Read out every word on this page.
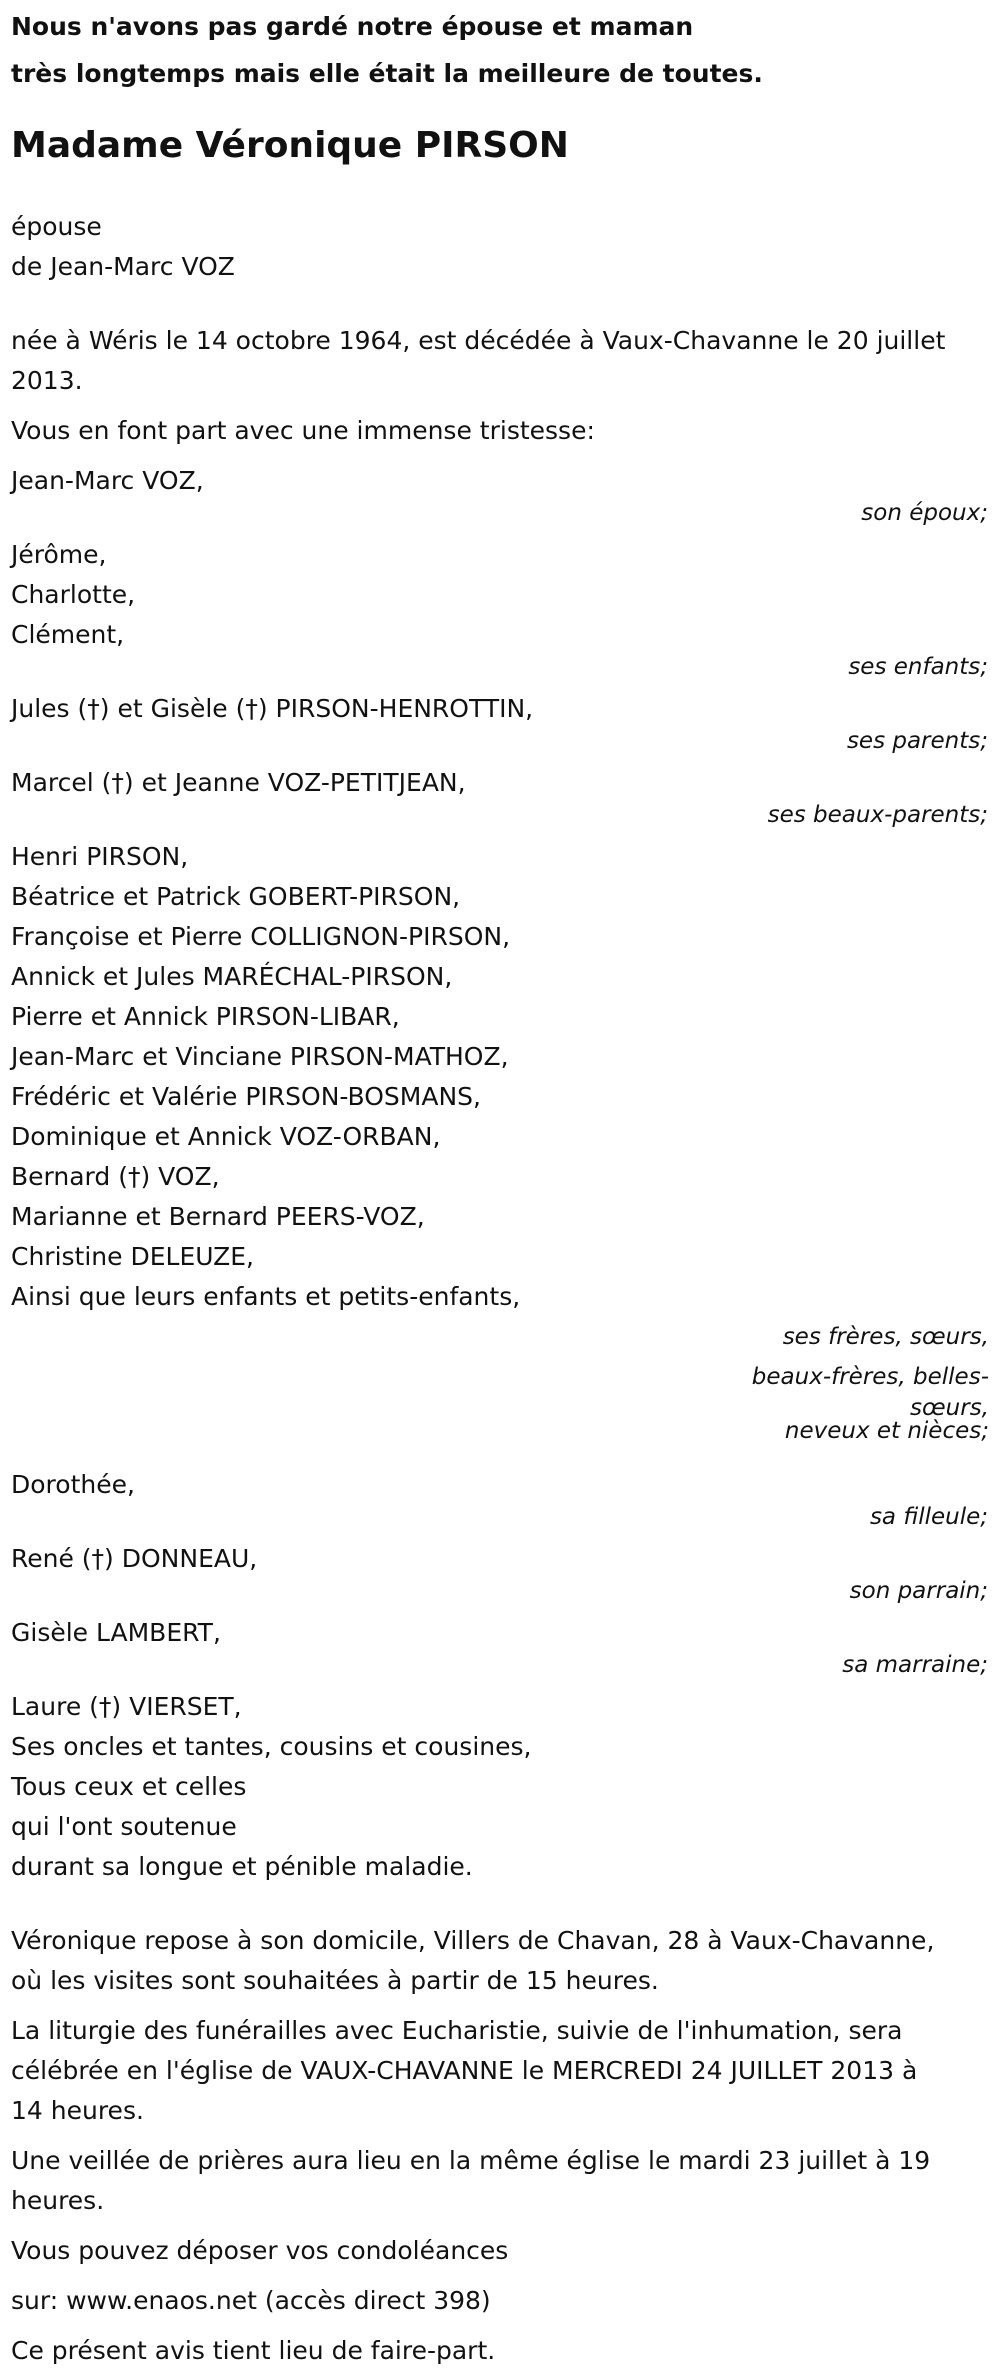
Nous n'avons pas gardé notre épouse et maman
très longtemps mais elle était la meilleure de toutes.
Madame Véronique PIRSON
épouse
de Jean-Marc VOZ
née à Wéris le 14 octobre 1964, est décédée à Vaux-Chavanne le 20 juillet
2013.
Vous en font part avec une immense tristesse:
Jean-Marc VOZ,
son époux;
Jérôme,
Charlotte,
Clément,
ses enfants;
Jules (†) et Gisèle (†) PIRSON-HENROTTIN,
ses parents;
Marcel (†) et Jeanne VOZ-PETITJEAN,
ses beaux-parents;
Henri PIRSON,
Béatrice et Patrick GOBERT-PIRSON,
Françoise et Pierre COLLIGNON-PIRSON,
Annick et Jules MARÉCHAL-PIRSON,
Pierre et Annick PIRSON-LIBAR,
Jean-Marc et Vinciane PIRSON-MATHOZ,
Frédéric et Valérie PIRSON-BOSMANS,
Dominique et Annick VOZ-ORBAN,
Bernard (†) VOZ,
Marianne et Bernard PEERS-VOZ,
Christine DELEUZE,
Ainsi que leurs enfants et petits-enfants,
ses frères, sœurs,
beaux-frères, belles-
sœurs,
neveux et nièces;
Dorothée,
sa filleule;
René (†) DONNEAU,
son parrain;
Gisèle LAMBERT,
sa marraine;
Laure (†) VIERSET,
Ses oncles et tantes, cousins et cousines,
Tous ceux et celles
qui l'ont soutenue
durant sa longue et pénible maladie.
Véronique repose à son domicile, Villers de Chavan, 28 à Vaux-Chavanne,
où les visites sont souhaitées à partir de 15 heures.
La liturgie des funérailles avec Eucharistie, suivie de l'inhumation, sera
célébrée en l'église de VAUX-CHAVANNE le MERCREDI 24 JUILLET 2013 à
14 heures.
Une veillée de prières aura lieu en la même église le mardi 23 juillet à 19
heures.
Vous pouvez déposer vos condoléances
sur: www.enaos.net (accès direct 398)
Ce présent avis tient lieu de faire-part.
